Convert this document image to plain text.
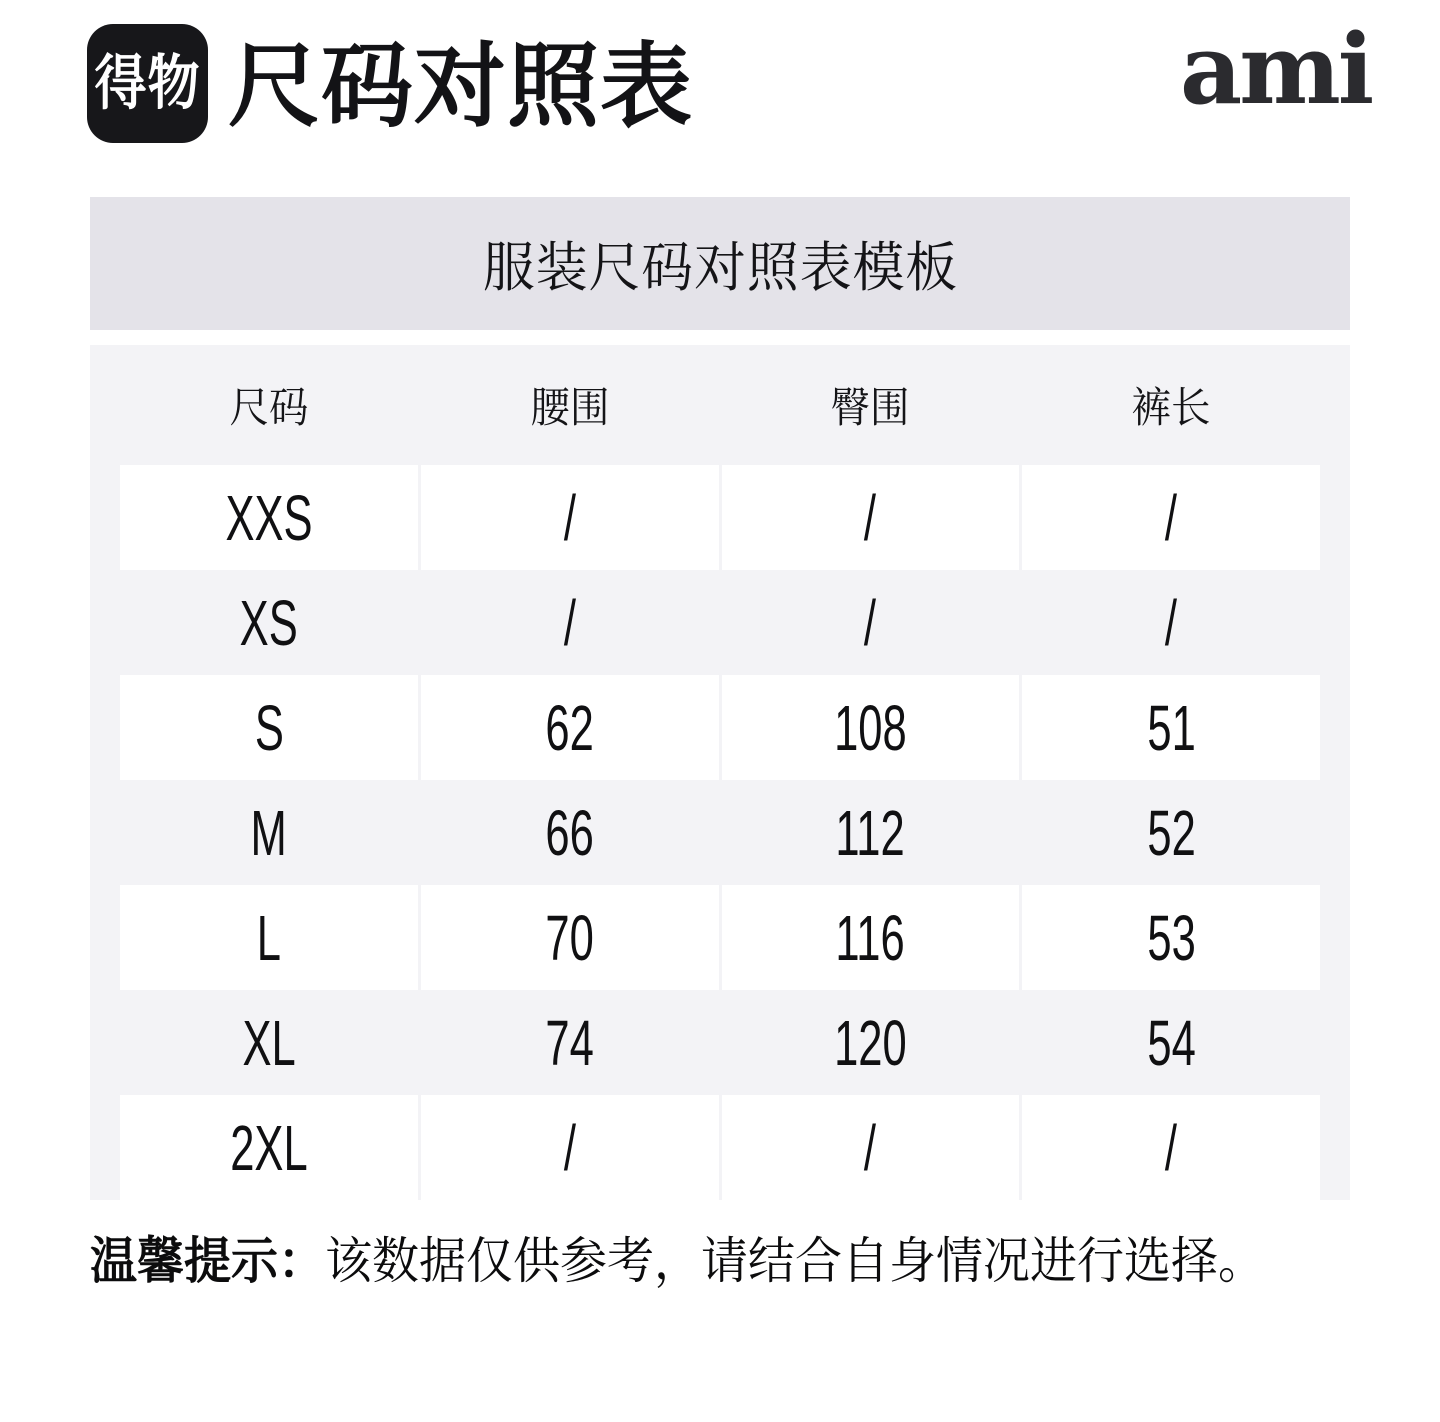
得物 尺码对照表	ami
服装尺码对照表模板
尺码	腰围	臀围	裤长
XXS	/	/	/
XS	/	/	/
S	62	108	51
M	66	112	52
L	70	116	53
XL	74	120	54
2XL	/	/	/
温馨提示：该数据仅供参考，请结合自身情况进行选择。
